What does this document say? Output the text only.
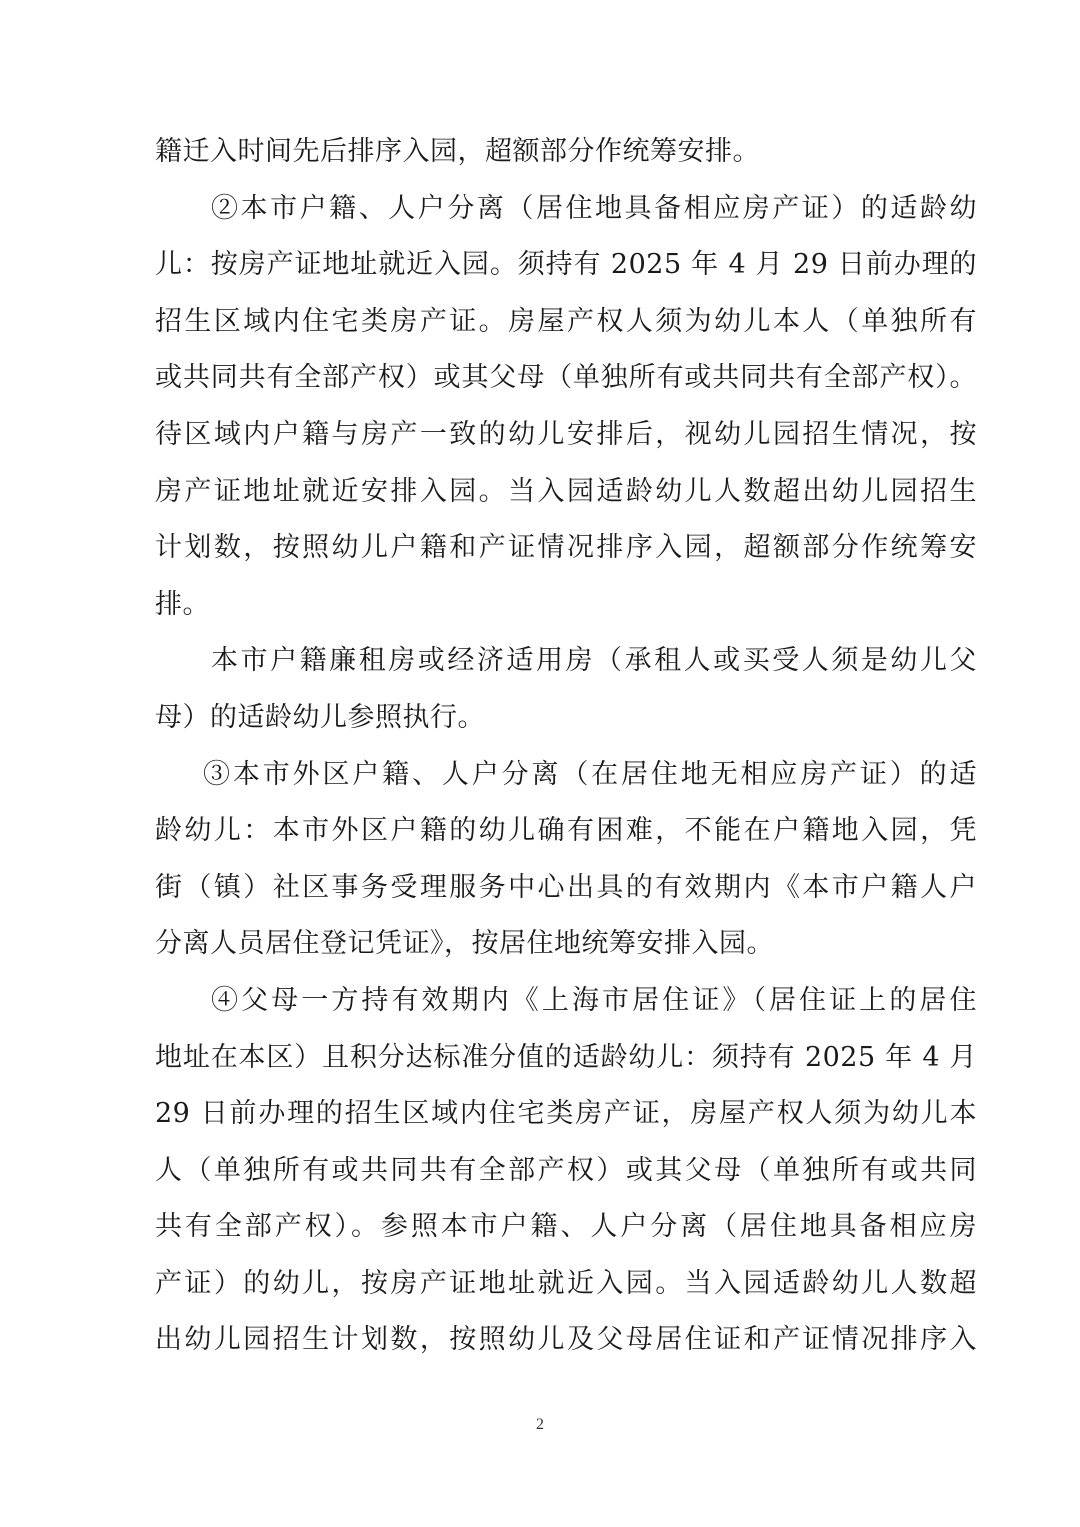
籍迁入时间先后排序入园，超额部分作统筹安排。
②本市户籍、人户分离（居住地具备相应房产证）的适龄幼
儿：按房产证地址就近入园。须持有 2025 年 4 月 29 日前办理的
招生区域内住宅类房产证。房屋产权人须为幼儿本人（单独所有
或共同共有全部产权）或其父母（单独所有或共同共有全部产权）。
待区域内户籍与房产一致的幼儿安排后，视幼儿园招生情况，按
房产证地址就近安排入园。当入园适龄幼儿人数超出幼儿园招生
计划数，按照幼儿户籍和产证情况排序入园，超额部分作统筹安
排。
本市户籍廉租房或经济适用房（承租人或买受人须是幼儿父
母）的适龄幼儿参照执行。
③本市外区户籍、人户分离（在居住地无相应房产证）的适
龄幼儿：本市外区户籍的幼儿确有困难，不能在户籍地入园，凭
街（镇）社区事务受理服务中心出具的有效期内《本市户籍人户
分离人员居住登记凭证》，按居住地统筹安排入园。
④父母一方持有效期内《上海市居住证》（居住证上的居住
地址在本区）且积分达标准分值的适龄幼儿：须持有 2025 年 4 月
29 日前办理的招生区域内住宅类房产证，房屋产权人须为幼儿本
人（单独所有或共同共有全部产权）或其父母（单独所有或共同
共有全部产权）。参照本市户籍、人户分离（居住地具备相应房
产证）的幼儿，按房产证地址就近入园。当入园适龄幼儿人数超
出幼儿园招生计划数，按照幼儿及父母居住证和产证情况排序入
2
